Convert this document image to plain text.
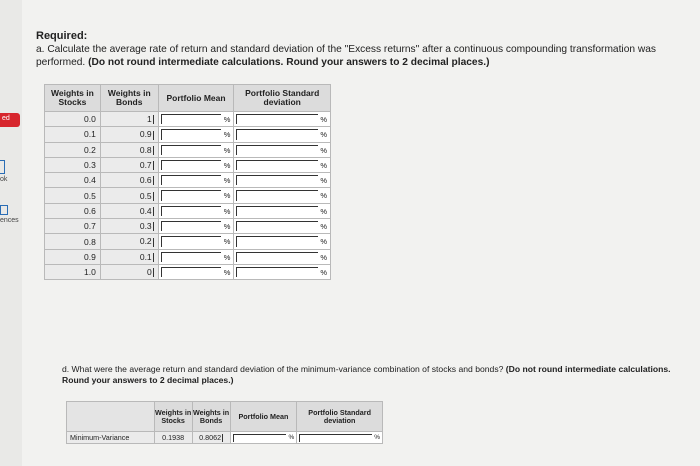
ed
ok
ences
Required:
a. Calculate the average rate of return and standard deviation of the "Excess returns" after a continuous compounding transformation was performed. (Do not round intermediate calculations. Round your answers to 2 decimal places.)
Weights in Stocks	Weights in Bonds	Portfolio Mean	Portfolio Standard deviation
0.0	1	%	%

0.1	0.9	%	%

0.2	0.8	%	%

0.3	0.7	%	%

0.4	0.6	%	%

0.5	0.5	%	%

0.6	0.4	%	%

0.7	0.3	%	%

0.8	0.2	%	%

0.9	0.1	%	%

1.0	0	%	%
d. What were the average return and standard deviation of the minimum-variance combination of stocks and bonds? (Do not round intermediate calculations. Round your answers to 2 decimal places.)
	Weights in Stocks	Weights in Bonds	Portfolio Mean	Portfolio Standard deviation
Minimum-Variance	0.1938	0.8062	%	%
